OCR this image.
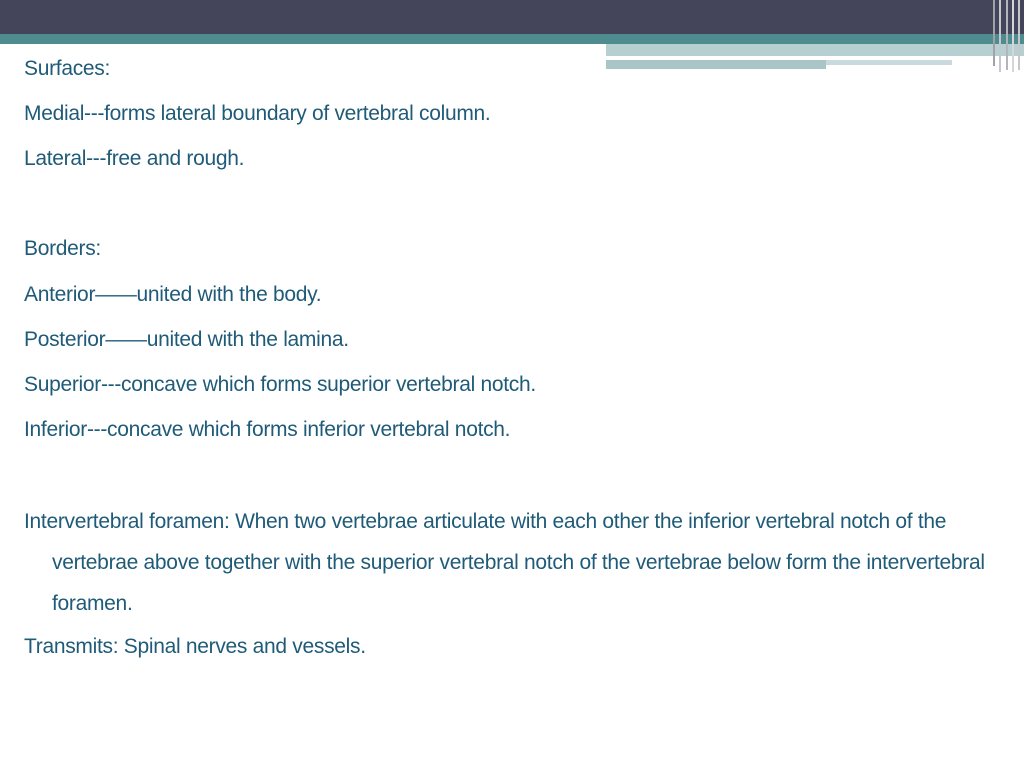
Surfaces:
Medial---forms lateral boundary of vertebral column.
Lateral---free and rough.
Borders:
Anterior——united with the body.
Posterior——united with the lamina.
Superior---concave which forms superior vertebral notch.
Inferior---concave which forms inferior vertebral notch.
Intervertebral foramen: When two vertebrae articulate with each other the inferior vertebral notch of the vertebrae above together with the superior vertebral notch of the vertebrae below form the intervertebral foramen.
Transmits: Spinal nerves and vessels.
